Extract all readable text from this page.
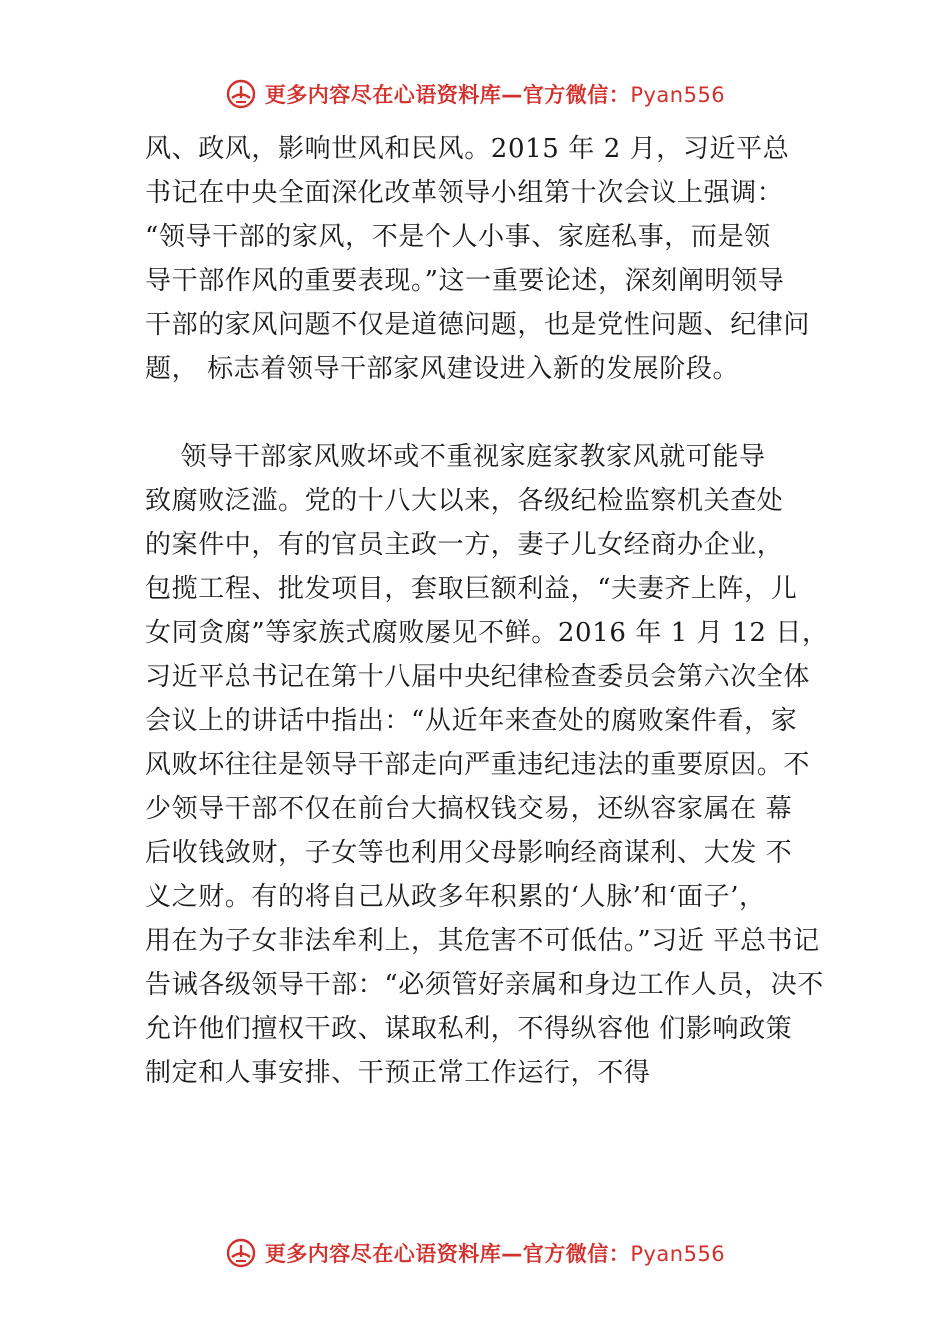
更多内容尽在心语资料库—官方微信：Pyan556
风、政风，影响世风和民风。2015 年 2 月，习近平总
书记在中央全面深化改革领导小组第十次会议上强调：
“领导干部的家风，不是个人小事、家庭私事，而是领
导干部作风的重要表现。”这一重要论述，深刻阐明领导
干部的家风问题不仅是道德问题，也是党性问题、纪律问
题， 标志着领导干部家风建设进入新的发展阶段。
领导干部家风败坏或不重视家庭家教家风就可能导
致腐败泛滥。党的十八大以来，各级纪检监察机关查处
的案件中，有的官员主政一方，妻子儿女经商办企业，
包揽工程、批发项目，套取巨额利益，“夫妻齐上阵，儿
女同贪腐”等家族式腐败屡见不鲜。2016 年 1 月 12 日，
习近平总书记在第十八届中央纪律检查委员会第六次全体
会议上的讲话中指出：“从近年来查处的腐败案件看，家
风败坏往往是领导干部走向严重违纪违法的重要原因。不
少领导干部不仅在前台大搞权钱交易，还纵容家属在 幕
后收钱敛财，子女等也利用父母影响经商谋利、大发 不
义之财。有的将自己从政多年积累的‘人脉’和‘面子’，
用在为子女非法牟利上，其危害不可低估。”习近 平总书记
告诫各级领导干部：“必须管好亲属和身边工作人员，决不
允许他们擅权干政、谋取私利，不得纵容他 们影响政策
制定和人事安排、干预正常工作运行，不得
更多内容尽在心语资料库—官方微信：Pyan556
